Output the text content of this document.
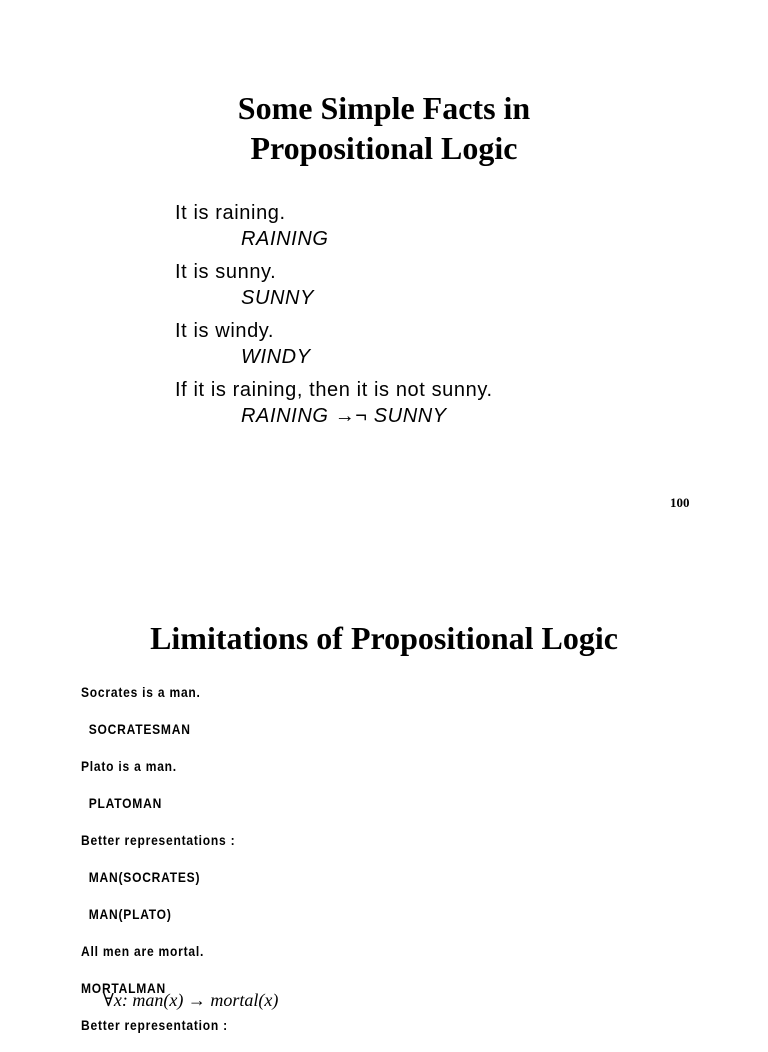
Some Simple Facts in
Propositional Logic
It is raining.
RAINING
It is sunny.
SUNNY
It is windy.
WINDY
If it is raining, then it is not sunny.
RAINING →¬ SUNNY
100
Limitations of Propositional Logic
Socrates is a man.
SOCRATESMAN
Plato is a man.
PLATOMAN
Better representations :
MAN(SOCRATES)
MAN(PLATO)
All men are mortal.
MORTALMAN
Better representation :
∀x: man(x) → mortal(x)
